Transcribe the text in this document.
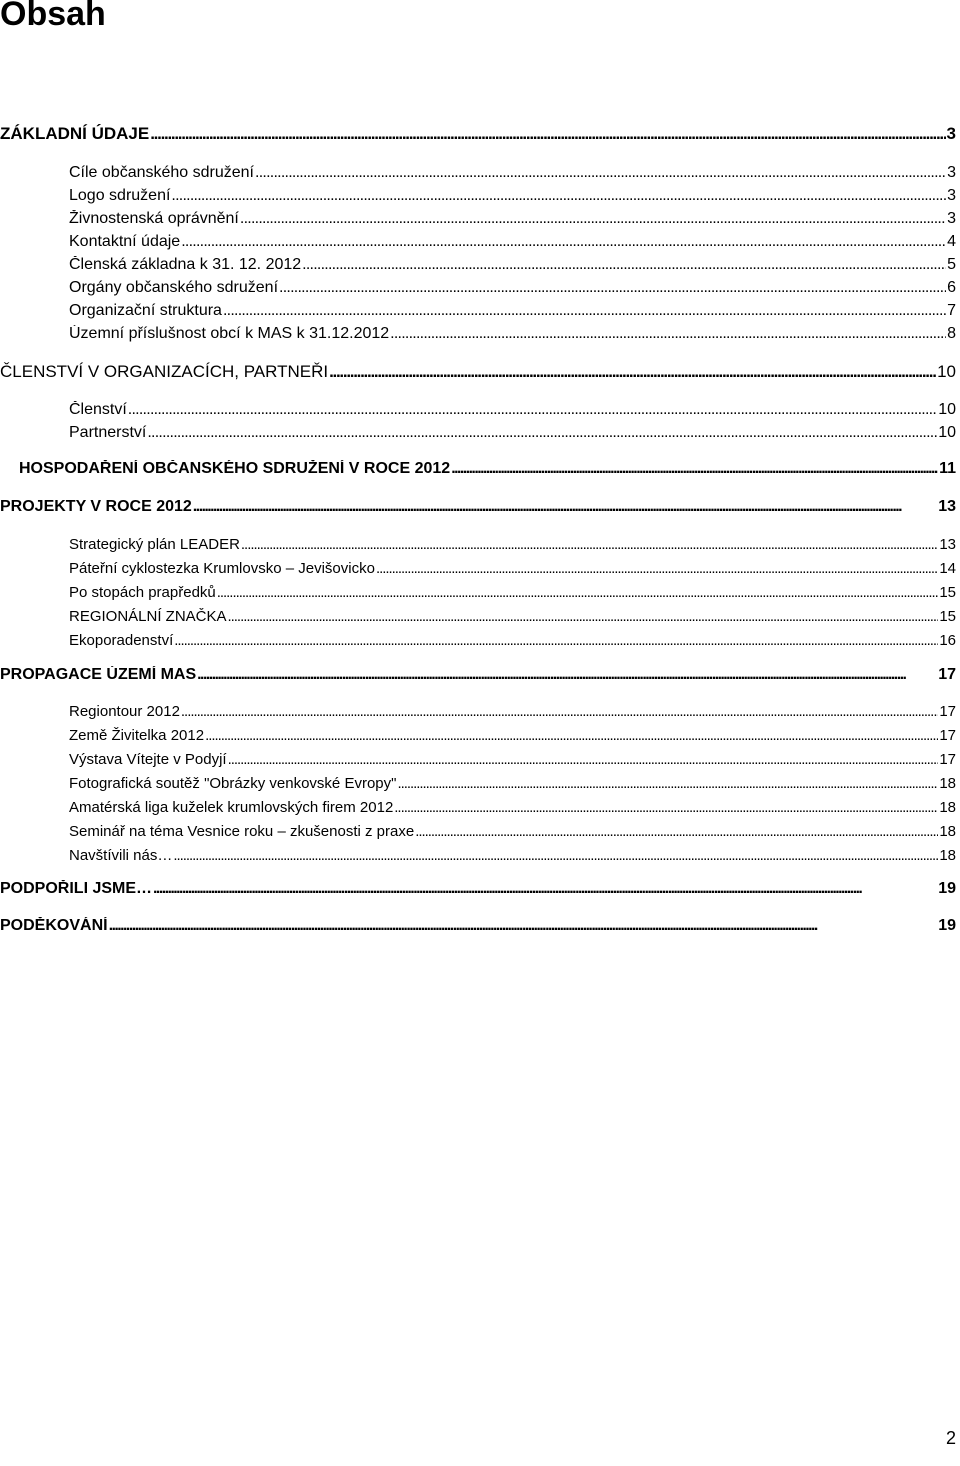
Obsah
ZÁKLADNÍ ÚDAJE . . .	3
Cíle občanského sdružení . . .	3
Logo sdružení . . .	3
Živnostenská oprávnění . . .	3
Kontaktní údaje . . .	4
Členská základna k 31. 12. 2012 . . .	5
Orgány občanského sdružení . . .	6
Organizační struktura . . .	7
Územní příslušnost obcí k MAS k 31.12.2012 . . .	8
ČLENSTVÍ V ORGANIZACÍCH, PARTNEŘI . . .	10
Členství . . .	10
Partnerství . . .	10
HOSPODAŘENÍ OBČANSKÉHO SDRUŽENÍ V ROCE 2012 . . .	11
PROJEKTY V ROCE 2012 . . .	13
Strategický plán LEADER . . .	13
Páteřní cyklostezka Krumlovsko – Jevišovicko . . .	14
Po stopách prapředků . . .	15
REGIONÁLNÍ ZNAČKA . . .	15
Ekoporadenství . . .	16
PROPAGACE ÚZEMÍ MAS . . .	17
Regiontour 2012 . . .	17
Země Živitelka 2012 . . .	17
Výstava Vítejte v Podyjí . . .	17
Fotografická soutěž "Obrázky venkovské Evropy" . . .	18
Amatérská liga kuželek krumlovských firem 2012 . . .	18
Seminář na téma Vesnice roku – zkušenosti z praxe . . .	18
Navštívili nás… . . .	18
PODPOŘILI JSME… . . .	19
PODĚKOVÁNÍ . . .	19

2
